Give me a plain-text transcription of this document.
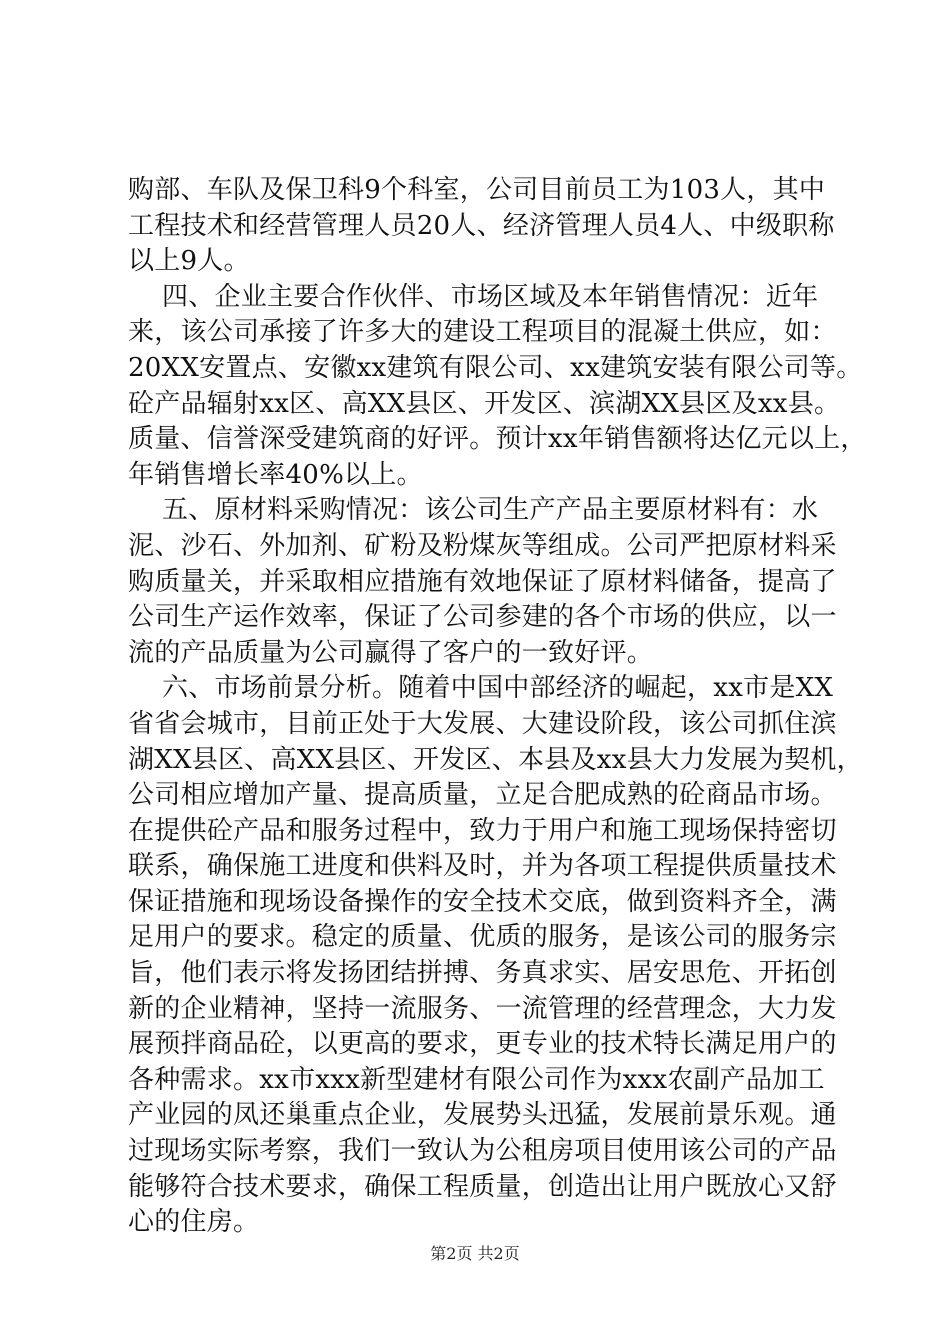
购部、车队及保卫科9个科室，公司目前员工为103人，其中

工程技术和经营管理人员20人、经济管理人员4人、中级职称

以上9人。

四、企业主要合作伙伴、市场区域及本年销售情况：近年

来，该公司承接了许多大的建设工程项目的混凝土供应，如：

20XX安置点、安徽xx建筑有限公司、xx建筑安装有限公司等。

砼产品辐射xx区、高XX县区、开发区、滨湖XX县区及xx县。

质量、信誉深受建筑商的好评。预计xx年销售额将达亿元以上，

年销售增长率40%以上。

五、原材料采购情况：该公司生产产品主要原材料有：水

泥、沙石、外加剂、矿粉及粉煤灰等组成。公司严把原材料采

购质量关，并采取相应措施有效地保证了原材料储备，提高了

公司生产运作效率，保证了公司参建的各个市场的供应，以一

流的产品质量为公司赢得了客户的一致好评。

六、市场前景分析。随着中国中部经济的崛起，xx市是XX

省省会城市，目前正处于大发展、大建设阶段，该公司抓住滨

湖XX县区、高XX县区、开发区、本县及xx县大力发展为契机，

公司相应增加产量、提高质量，立足合肥成熟的砼商品市场。

在提供砼产品和服务过程中，致力于用户和施工现场保持密切

联系，确保施工进度和供料及时，并为各项工程提供质量技术

保证措施和现场设备操作的安全技术交底，做到资料齐全，满

足用户的要求。稳定的质量、优质的服务，是该公司的服务宗

旨，他们表示将发扬团结拼搏、务真求实、居安思危、开拓创

新的企业精神，坚持一流服务、一流管理的经营理念，大力发

展预拌商品砼，以更高的要求，更专业的技术特长满足用户的

各种需求。xx市xxx新型建材有限公司作为xxx农副产品加工

产业园的凤还巢重点企业，发展势头迅猛，发展前景乐观。通

过现场实际考察，我们一致认为公租房项目使用该公司的产品

能够符合技术要求，确保工程质量，创造出让用户既放心又舒

心的住房。

第2页 共2页
